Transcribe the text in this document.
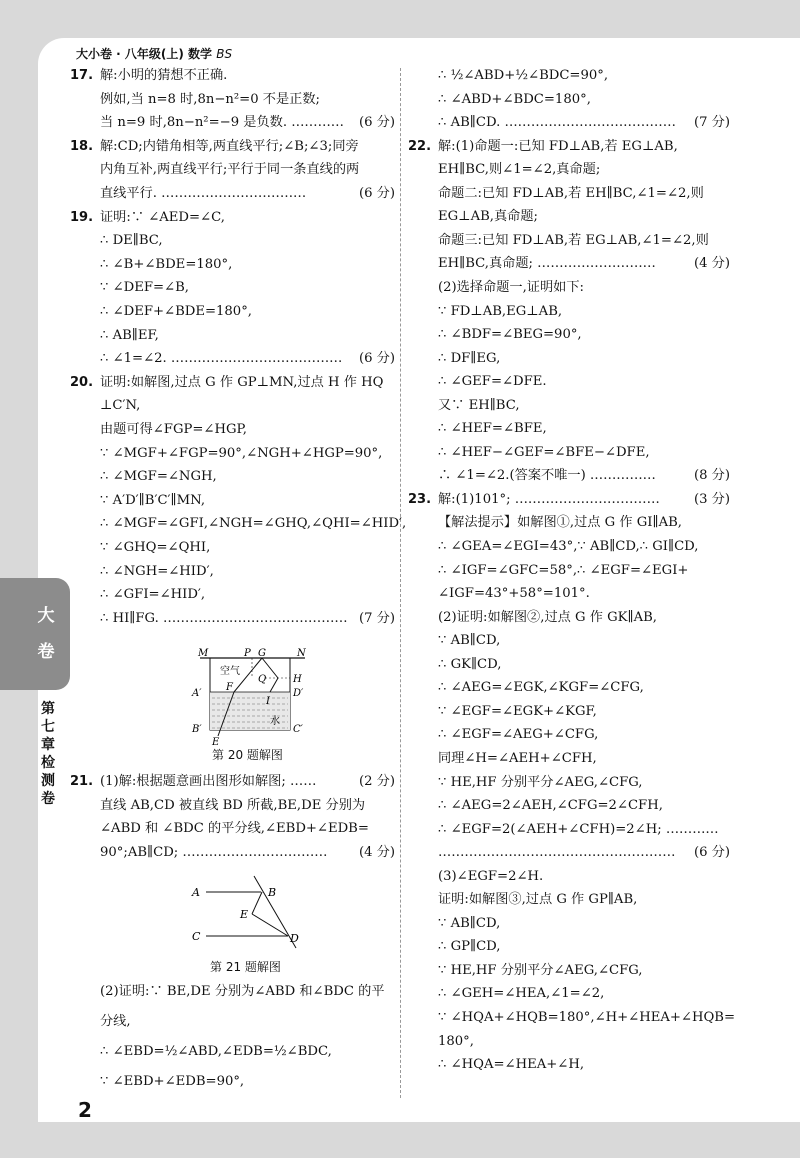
大小卷 · 八年级(上) 数学 BS
大
卷
第
七
章
检
测
卷
17. 解:小明的猜想不正确.
例如,当 n=8 时,8n−n²=0 不是正数;
当 n=9 时,8n−n²=−9 是负数. ………… (6 分)
18. 解:CD;内错角相等,两直线平行;∠B;∠3;同旁
内角互补,两直线平行;平行于同一条直线的两
直线平行. ……………………………	(6 分)
19. 证明:∵ ∠AED=∠C,
∴ DE∥BC,
∴ ∠B+∠BDE=180°,
∵ ∠DEF=∠B,
∴ ∠DEF+∠BDE=180°,
∴ AB∥EF,
∴ ∠1=∠2. ………………………………… (6 分)
20. 证明:如解图,过点 G 作 GP⊥MN,过点 H 作 HQ
⊥C′N,
由题可得∠FGP=∠HGP,
∵ ∠MGF+∠FGP=90°,∠NGH+∠HGP=90°,
∴ ∠MGF=∠NGH,
∵ A′D′∥B′C′∥MN,
∴ ∠MGF=∠GFI,∠NGH=∠GHQ,∠QHI=∠HID′,
∵ ∠GHQ=∠QHI,
∴ ∠NGH=∠HID′,
∴ ∠GFI=∠HID′,
∴ HI∥FG. …………………………………… (7 分)
21. (1)解:根据题意画出图形如解图; ……	(2 分)
直线 AB,CD 被直线 BD 所截,BE,DE 分别为
∠ABD 和 ∠BDC 的平分线,∠EBD+∠EDB=
90°;AB∥CD; …………………………… (4 分)
(2)证明:∵ BE,DE 分别为∠ABD 和∠BDC 的平
分线,
∴ ∠EBD=½∠ABD,∠EDB=½∠BDC,
∵ ∠EBD+∠EDB=90°,
∴ ½∠ABD+½∠BDC=90°,
∴ ∠ABD+∠BDC=180°,
∴ AB∥CD. ………………………………… (7 分)
22. 解:(1)命题一:已知 FD⊥AB,若 EG⊥AB,
EH∥BC,则∠1=∠2,真命题;
命题二:已知 FD⊥AB,若 EH∥BC,∠1=∠2,则
EG⊥AB,真命题;
命题三:已知 FD⊥AB,若 EG⊥AB,∠1=∠2,则
EH∥BC,真命题; ………………………	(4 分)
(2)选择命题一,证明如下:
∵ FD⊥AB,EG⊥AB,
∴ ∠BDF=∠BEG=90°,
∴ DF∥EG,
∴ ∠GEF=∠DFE.
又∵ EH∥BC,
∴ ∠HEF=∠BFE,
∴ ∠HEF−∠GEF=∠BFE−∠DFE,
∴ ∠1=∠2.(答案不唯一) ……………	(8 分)
23. 解:(1)101°; ……………………………	(3 分)
【解法提示】如解图①,过点 G 作 GI∥AB,
∴ ∠GEA=∠EGI=43°,∵ AB∥CD,∴ GI∥CD,
∴ ∠IGF=∠GFC=58°,∴ ∠EGF=∠EGI+
∠IGF=43°+58°=101°.
(2)证明:如解图②,过点 G 作 GK∥AB,
∵ AB∥CD,
∴ GK∥CD,
∴ ∠AEG=∠EGK,∠KGF=∠CFG,
∵ ∠EGF=∠EGK+∠KGF,
∴ ∠EGF=∠AEG+∠CFG,
同理∠H=∠AEH+∠CFH,
∵ HE,HF 分别平分∠AEG,∠CFG,
∴ ∠AEG=2∠AEH,∠CFG=2∠CFH,
∴ ∠EGF=2(∠AEH+∠CFH)=2∠H; …………
……………………………………………… (6 分)
(3)∠EGF=2∠H.
证明:如解图③,过点 G 作 GP∥AB,
∵ AB∥CD,
∴ GP∥CD,
∵ HE,HF 分别平分∠AEG,∠CFG,
∴ ∠GEH=∠HEA,∠1=∠2,
∵ ∠HQA+∠HQB=180°,∠H+∠HEA+∠HQB=
180°,
∴ ∠HQA=∠HEA+∠H,
空气
水
M	P G	N
F
Q	H
A′
I
D′
B′	C′
E
第 20 题解图
A	B
E
C	D
第 21 题解图
2
